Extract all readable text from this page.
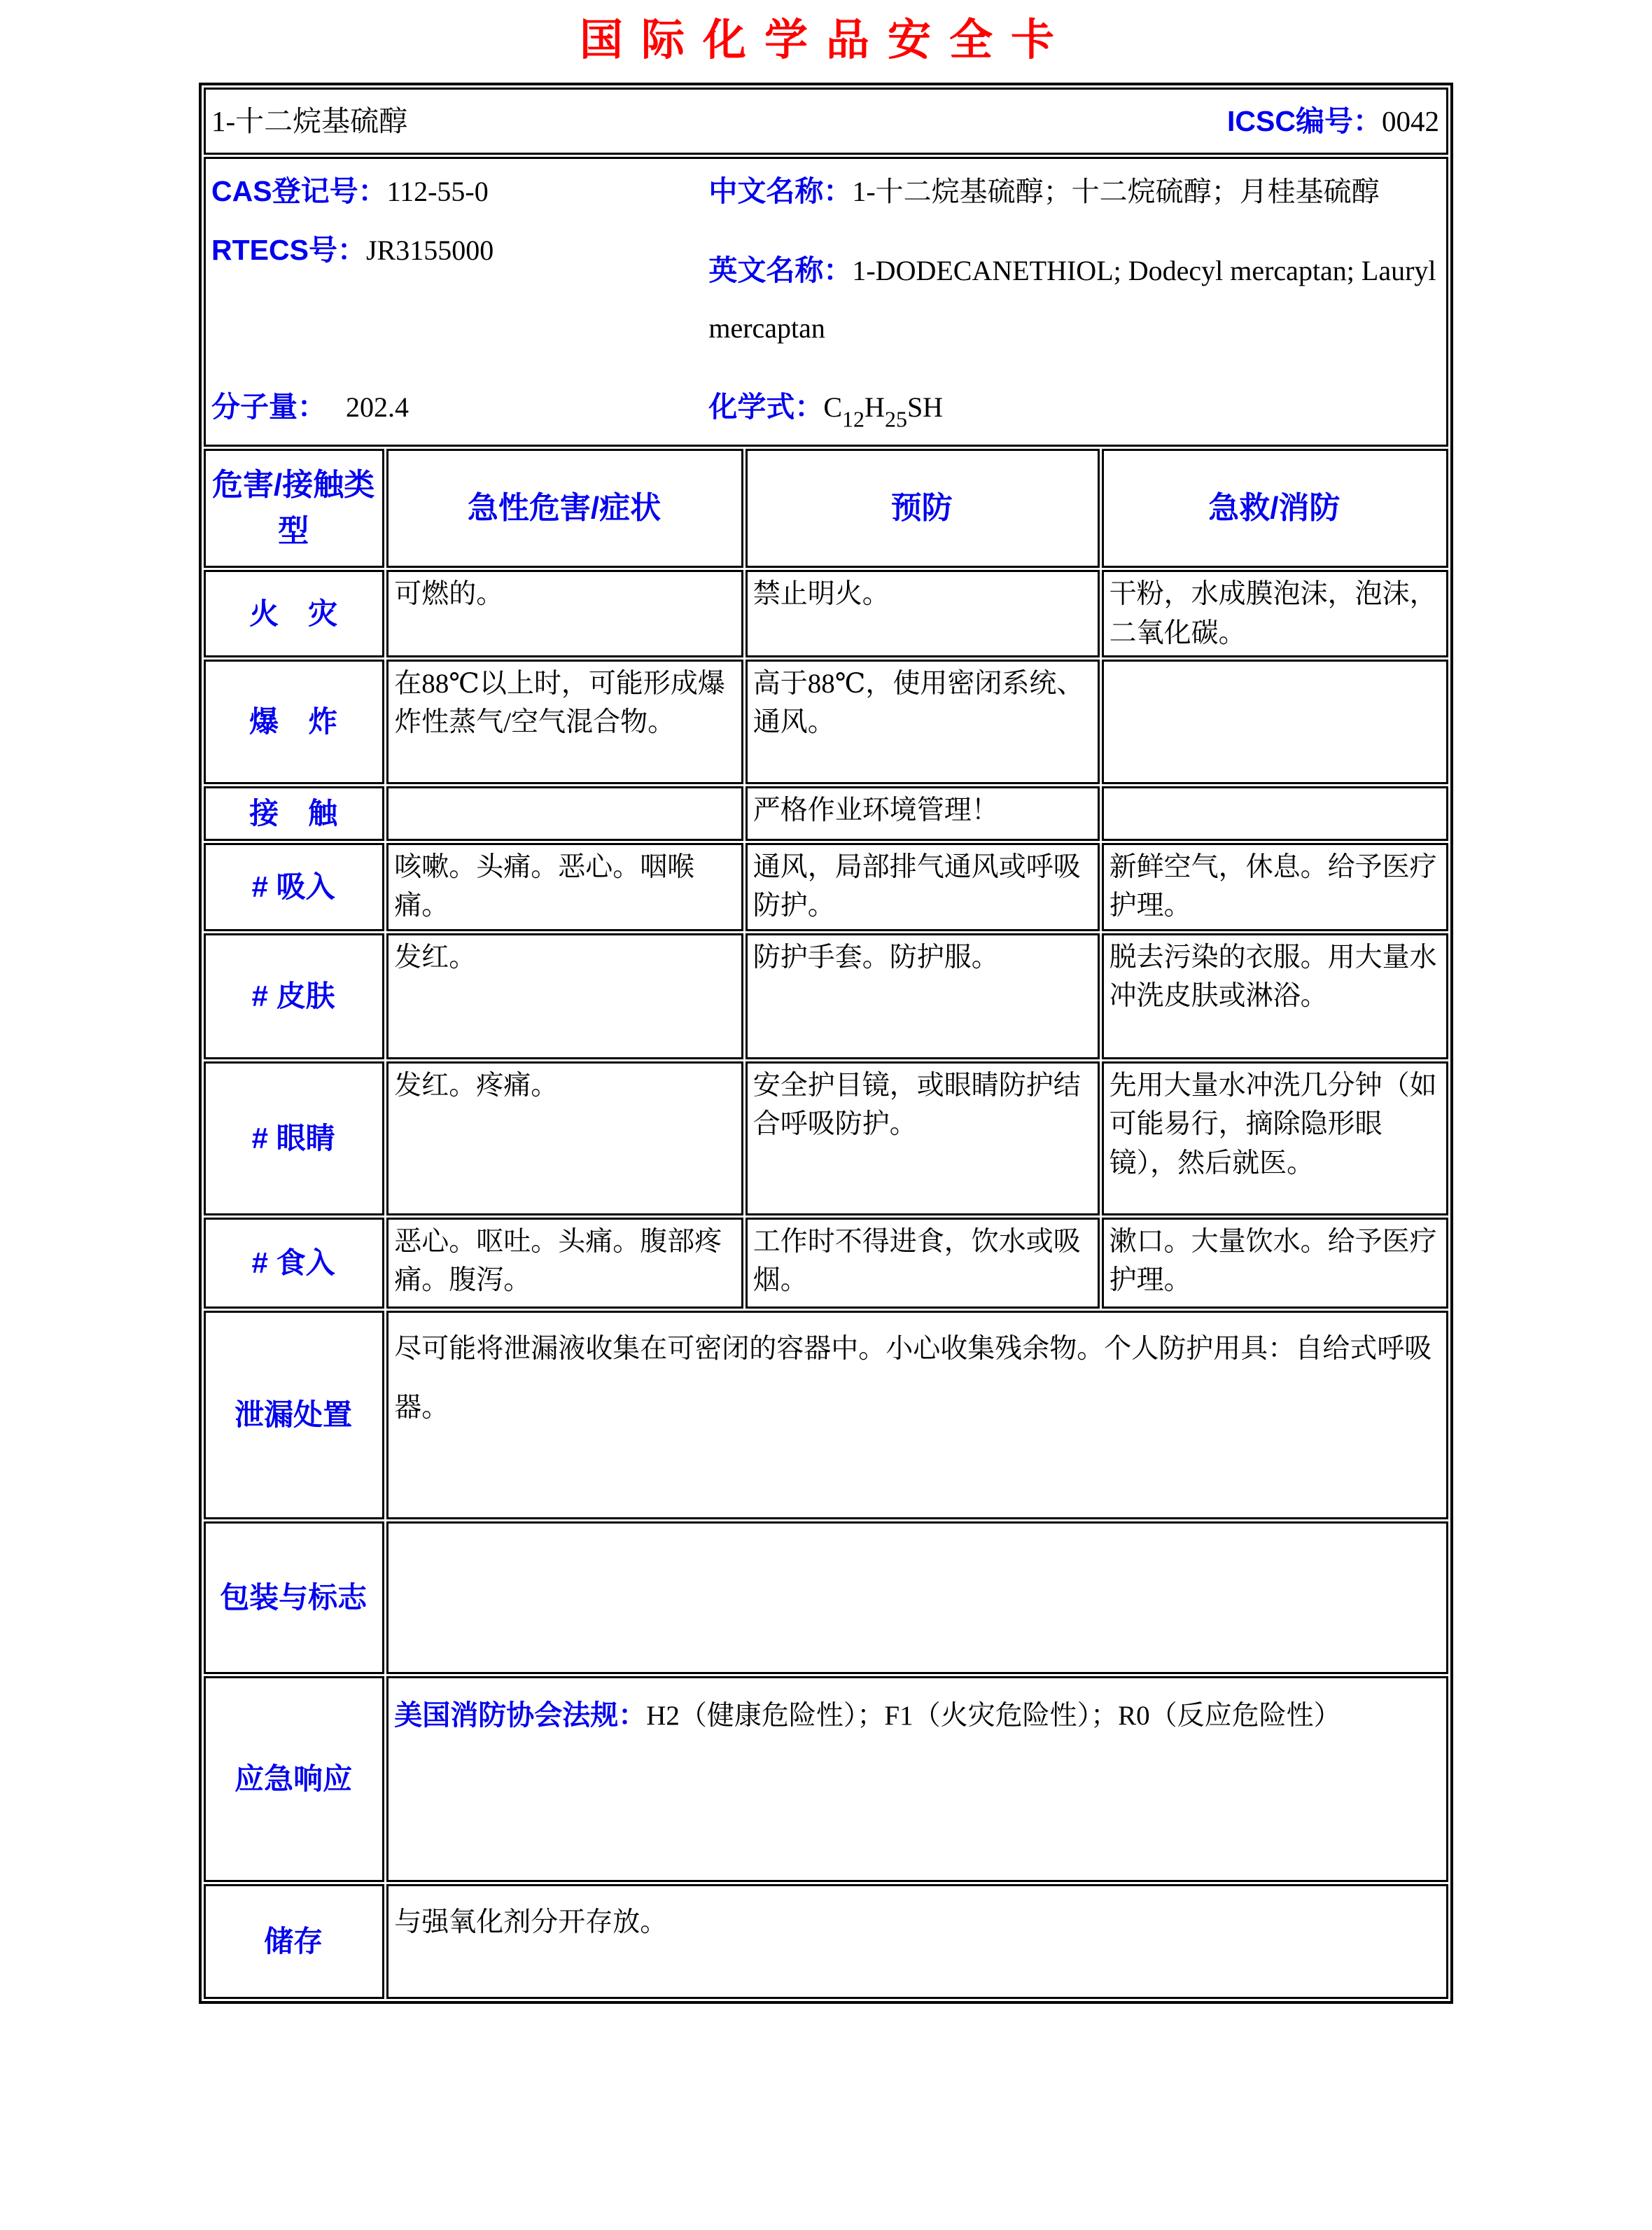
国际化学品安全卡
1-十二烷基硫醇 ICSC编号：0042			

CAS登记号：112-55-0
RTECS号：JR3155000
分子量： 202.4
中文名称：1-十二烷基硫醇；十二烷硫醇；月桂基硫醇
英文名称：1-DODECANETHIOL; Dodecyl mercaptan; Lauryl mercaptan
化学式：$C_{12}H_{25}SH$

危害/接触类型	急性危害/症状	预防	急救/消防
火　灾	可燃的。	禁止明火。	干粉，水成膜泡沫，泡沫，二氧化碳。
爆　炸	在88℃以上时，可能形成爆炸性蒸气/空气混合物。	高于88℃，使用密闭系统、通风。	
接　触		严格作业环境管理！	
# 吸入	咳嗽。头痛。恶心。咽喉痛。	通风，局部排气通风或呼吸防护。	新鲜空气，休息。给予医疗护理。
# 皮肤	发红。	防护手套。防护服。	脱去污染的衣服。用大量水冲洗皮肤或淋浴。
# 眼睛	发红。疼痛。	安全护目镜，或眼睛防护结合呼吸防护。	先用大量水冲洗几分钟（如可能易行，摘除隐形眼镜），然后就医。
# 食入	恶心。呕吐。头痛。腹部疼痛。腹泻。	工作时不得进食，饮水或吸烟。	漱口。大量饮水。给予医疗护理。
泄漏处置	尽可能将泄漏液收集在可密闭的容器中。小心收集残余物。个人防护用具：自给式呼吸器。		
包装与标志			
应急响应	美国消防协会法规：H2（健康危险性）；F1（火灾危险性）；R0（反应危险性）		
储存	与强氧化剂分开存放。		
